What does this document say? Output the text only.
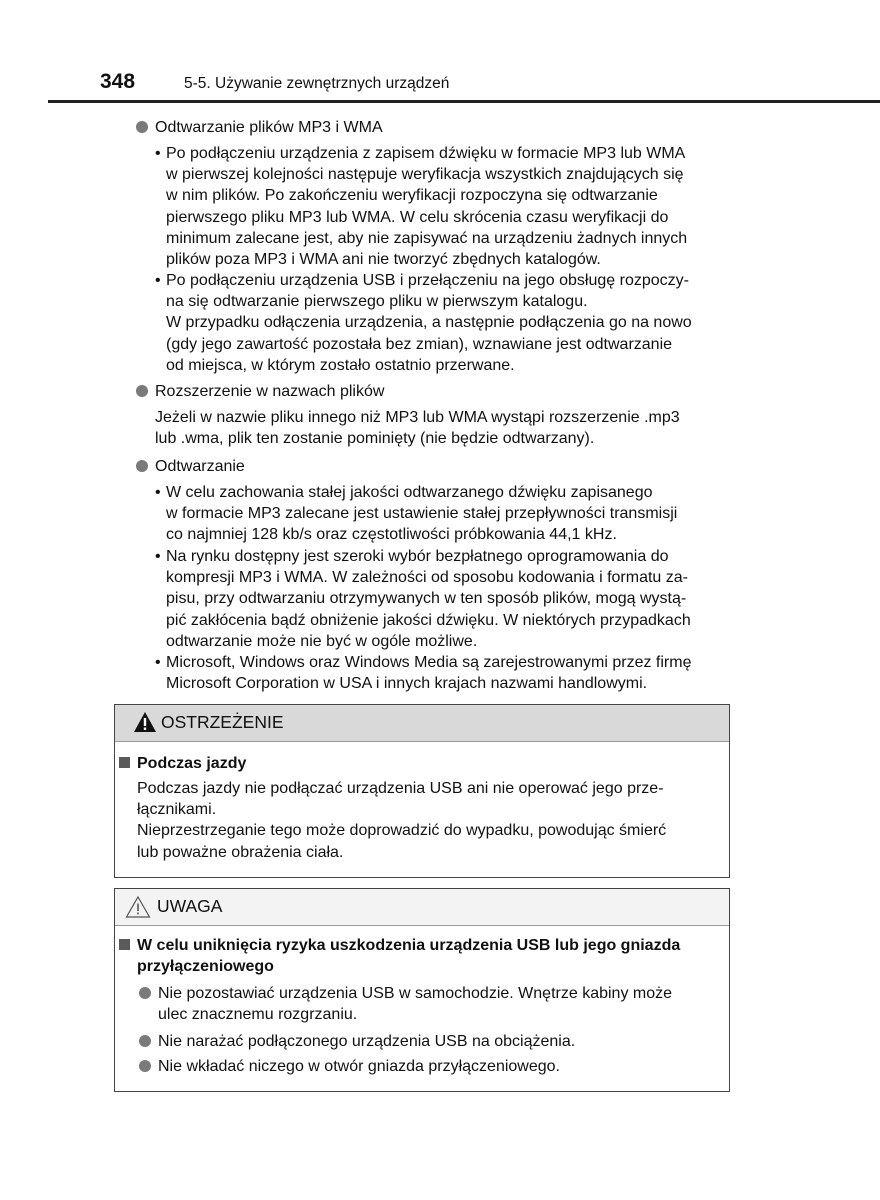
348	5-5. Używanie zewnętrznych urządzeń
Odtwarzanie plików MP3 i WMA
• Po podłączeniu urządzenia z zapisem dźwięku w formacie MP3 lub WMA
w pierwszej kolejności następuje weryfikacja wszystkich znajdujących się
w nim plików. Po zakończeniu weryfikacji rozpoczyna się odtwarzanie
pierwszego pliku MP3 lub WMA. W celu skrócenia czasu weryfikacji do
minimum zalecane jest, aby nie zapisywać na urządzeniu żadnych innych
plików poza MP3 i WMA ani nie tworzyć zbędnych katalogów.
• Po podłączeniu urządzenia USB i przełączeniu na jego obsługę rozpoczy-
na się odtwarzanie pierwszego pliku w pierwszym katalogu.
W przypadku odłączenia urządzenia, a następnie podłączenia go na nowo
(gdy jego zawartość pozostała bez zmian), wznawiane jest odtwarzanie
od miejsca, w którym zostało ostatnio przerwane.
Rozszerzenie w nazwach plików
Jeżeli w nazwie pliku innego niż MP3 lub WMA wystąpi rozszerzenie .mp3
lub .wma, plik ten zostanie pominięty (nie będzie odtwarzany).
Odtwarzanie
• W celu zachowania stałej jakości odtwarzanego dźwięku zapisanego
w formacie MP3 zalecane jest ustawienie stałej przepływności transmisji
co najmniej 128 kb/s oraz częstotliwości próbkowania 44,1 kHz.
• Na rynku dostępny jest szeroki wybór bezpłatnego oprogramowania do
kompresji MP3 i WMA. W zależności od sposobu kodowania i formatu za-
pisu, przy odtwarzaniu otrzymywanych w ten sposób plików, mogą wystą-
pić zakłócenia bądź obniżenie jakości dźwięku. W niektórych przypadkach
odtwarzanie może nie być w ogóle możliwe.
• Microsoft, Windows oraz Windows Media są zarejestrowanymi przez firmę
Microsoft Corporation w USA i innych krajach nazwami handlowymi.
OSTRZEŻENIE
Podczas jazdy
Podczas jazdy nie podłączać urządzenia USB ani nie operować jego prze-
łącznikami.
Nieprzestrzeganie tego może doprowadzić do wypadku, powodując śmierć
lub poważne obrażenia ciała.
UWAGA
W celu uniknięcia ryzyka uszkodzenia urządzenia USB lub jego gniazda
przyłączeniowego
Nie pozostawiać urządzenia USB w samochodzie. Wnętrze kabiny może
ulec znacznemu rozgrzaniu.
Nie narażać podłączonego urządzenia USB na obciążenia.
Nie wkładać niczego w otwór gniazda przyłączeniowego.
